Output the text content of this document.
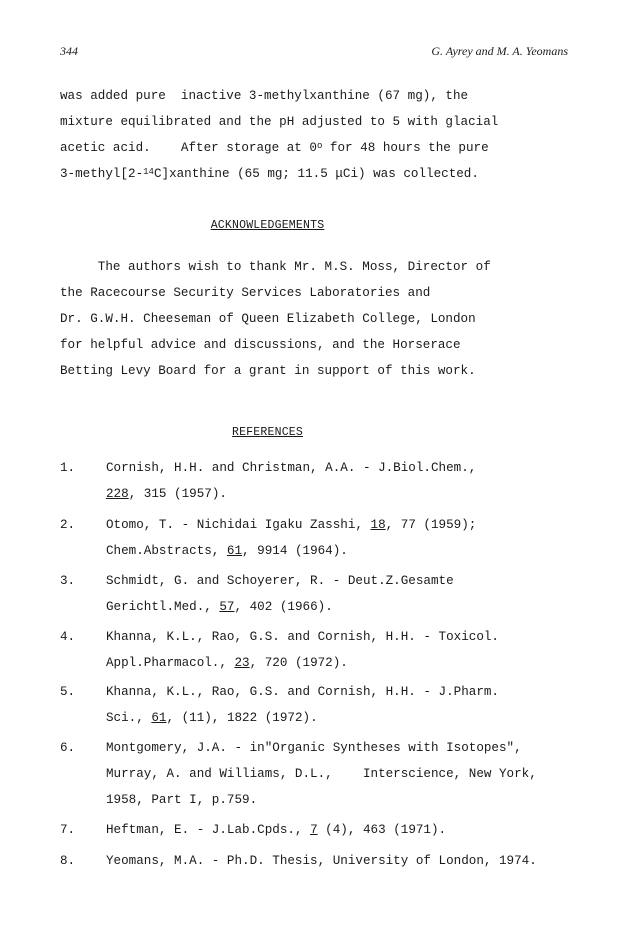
344	G. Ayrey and M. A. Yeomans
was added pure  inactive 3-methylxanthine (67 mg), the
mixture equilibrated and the pH adjusted to 5 with glacial
acetic acid.    After storage at 0$^o$ for 48 hours the pure
3-methyl[2-$^{14}$C]xanthine (65 mg; 11.5 μCi) was collected.
ACKNOWLEDGEMENTS
The authors wish to thank Mr. M.S. Moss, Director of
the Racecourse Security Services Laboratories and
Dr. G.W.H. Cheeseman of Queen Elizabeth College, London
for helpful advice and discussions, and the Horserace
Betting Levy Board for a grant in support of this work.
REFERENCES
1. Cornish, H.H. and Christman, A.A. - J.Biol.Chem.,
228, 315 (1957).
2. Otomo, T. - Nichidai Igaku Zasshi, 18, 77 (1959);
Chem.Abstracts, 61, 9914 (1964).
3. Schmidt, G. and Schoyerer, R. - Deut.Z.Gesamte
Gerichtl.Med., 57, 402 (1966).
4. Khanna, K.L., Rao, G.S. and Cornish, H.H. - Toxicol.
Appl.Pharmacol., 23, 720 (1972).
5. Khanna, K.L., Rao, G.S. and Cornish, H.H. - J.Pharm.
Sci., 61, (11), 1822 (1972).
6. Montgomery, J.A. - in"Organic Syntheses with Isotopes",
Murray, A. and Williams, D.L.,    Interscience, New York,
1958, Part I, p.759.
7. Heftman, E. - J.Lab.Cpds., 7 (4), 463 (1971).
8. Yeomans, M.A. - Ph.D. Thesis, University of London, 1974.
